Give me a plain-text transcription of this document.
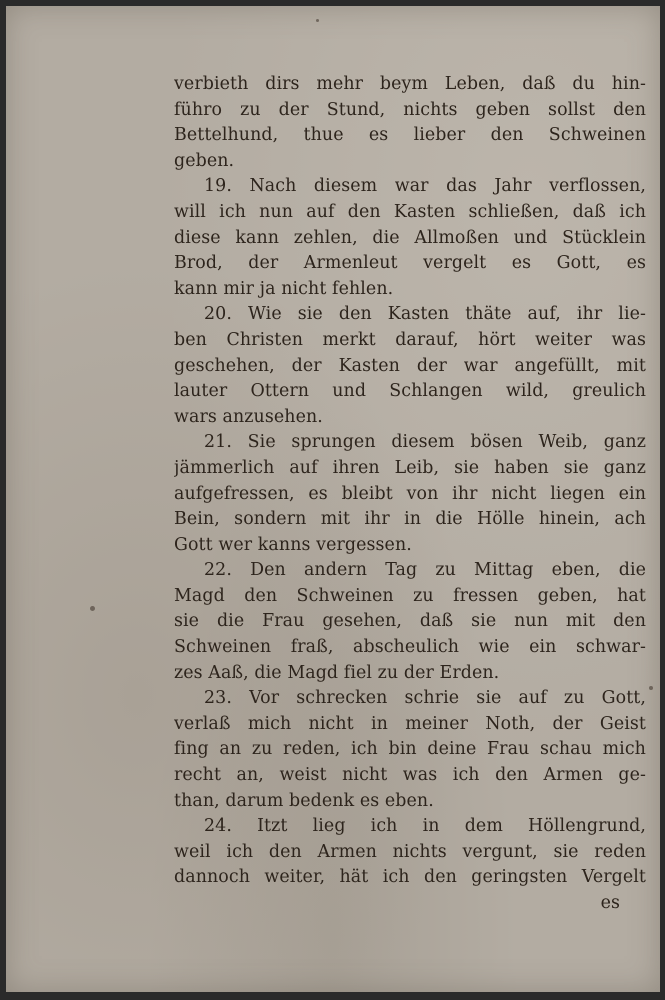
verbieth dirs mehr beym Leben, daß du hin-
führo zu der Stund, nichts geben sollst den
Bettelhund, thue es lieber den Schweinen
geben.
19. Nach diesem war das Jahr verflossen,
will ich nun auf den Kasten schließen, daß ich
diese kann zehlen, die Allmoßen und Stücklein
Brod, der Armenleut vergelt es Gott, es
kann mir ja nicht fehlen.
20. Wie sie den Kasten thäte auf, ihr lie-
ben Christen merkt darauf, hört weiter was
geschehen, der Kasten der war angefüllt, mit
lauter Ottern und Schlangen wild, greulich
wars anzusehen.
21. Sie sprungen diesem bösen Weib, ganz
jämmerlich auf ihren Leib, sie haben sie ganz
aufgefressen, es bleibt von ihr nicht liegen ein
Bein, sondern mit ihr in die Hölle hinein, ach
Gott wer kanns vergessen.
22. Den andern Tag zu Mittag eben, die
Magd den Schweinen zu fressen geben, hat
sie die Frau gesehen, daß sie nun mit den
Schweinen fraß, abscheulich wie ein schwar-
zes Aaß, die Magd fiel zu der Erden.
23. Vor schrecken schrie sie auf zu Gott,
verlaß mich nicht in meiner Noth, der Geist
fing an zu reden, ich bin deine Frau schau mich
recht an, weist nicht was ich den Armen ge-
than, darum bedenk es eben.
24. Itzt lieg ich in dem Höllengrund,
weil ich den Armen nichts vergunt, sie reden
dannoch weiter, hät ich den geringsten Vergelt
es
